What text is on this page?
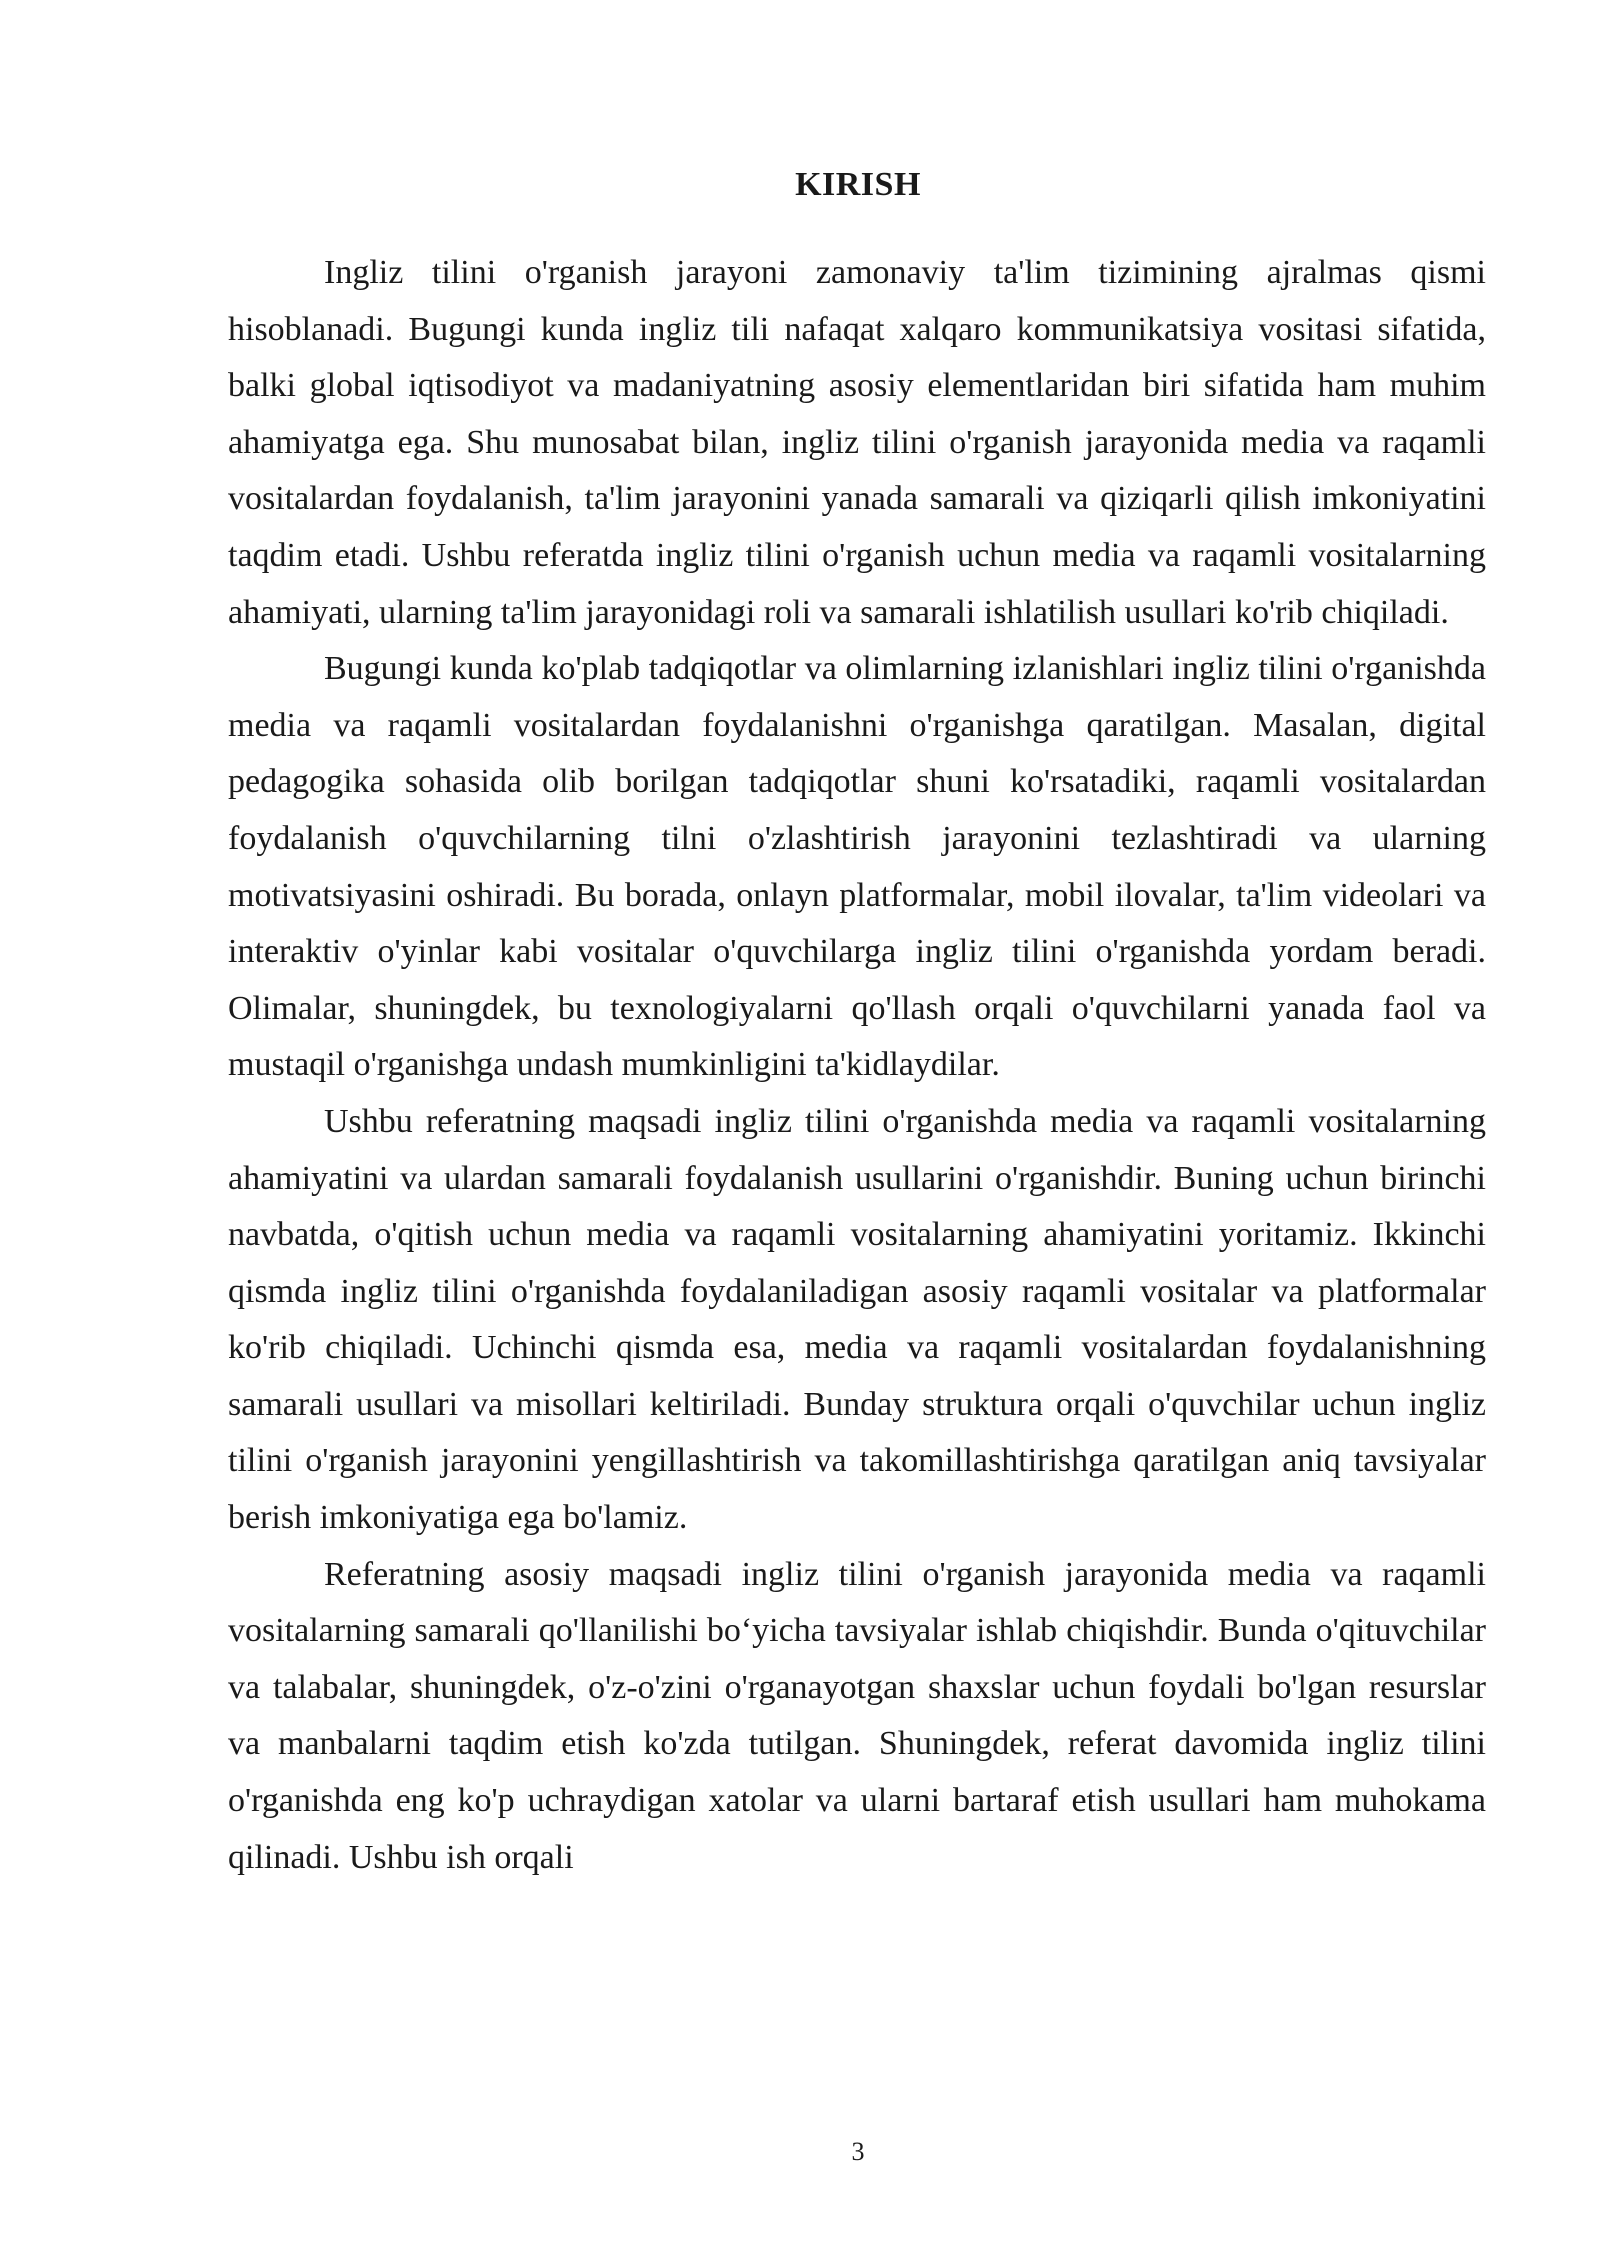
KIRISH

Ingliz tilini o'rganish jarayoni zamonaviy ta'lim tizimining ajralmas qismi hisoblanadi. Bugungi kunda ingliz tili nafaqat xalqaro kommunikatsiya vositasi sifatida, balki global iqtisodiyot va madaniyatning asosiy elementlaridan biri sifatida ham muhim ahamiyatga ega. Shu munosabat bilan, ingliz tilini o'rganish jarayonida media va raqamli vositalardan foydalanish, ta'lim jarayonini yanada samarali va qiziqarli qilish imkoniyatini taqdim etadi. Ushbu referatda ingliz tilini o'rganish uchun media va raqamli vositalarning ahamiyati, ularning ta'lim jarayonidagi roli va samarali ishlatilish usullari ko'rib chiqiladi.

Bugungi kunda ko'plab tadqiqotlar va olimlarning izlanishlari ingliz tilini o'rganishda media va raqamli vositalardan foydalanishni o'rganishga qaratilgan. Masalan, digital pedagogika sohasida olib borilgan tadqiqotlar shuni ko'rsatadiki, raqamli vositalardan foydalanish o'quvchilarning tilni o'zlashtirish jarayonini tezlashtiradi va ularning motivatsiyasini oshiradi. Bu borada, onlayn platformalar, mobil ilovalar, ta'lim videolari va interaktiv o'yinlar kabi vositalar o'quvchilarga ingliz tilini o'rganishda yordam beradi. Olimalar, shuningdek, bu texnologiyalarni qo'llash orqali o'quvchilarni yanada faol va mustaqil o'rganishga undash mumkinligini ta'kidlaydilar.

Ushbu referatning maqsadi ingliz tilini o'rganishda media va raqamli vositalarning ahamiyatini va ulardan samarali foydalanish usullarini o'rganishdir. Buning uchun birinchi navbatda, o'qitish uchun media va raqamli vositalarning ahamiyatini yoritamiz. Ikkinchi qismda ingliz tilini o'rganishda foydalaniladigan asosiy raqamli vositalar va platformalar ko'rib chiqiladi. Uchinchi qismda esa, media va raqamli vositalardan foydalanishning samarali usullari va misollari keltiriladi. Bunday struktura orqali o'quvchilar uchun ingliz tilini o'rganish jarayonini yengillashtirish va takomillashtirishga qaratilgan aniq tavsiyalar berish imkoniyatiga ega bo'lamiz.

Referatning asosiy maqsadi ingliz tilini o'rganish jarayonida media va raqamli vositalarning samarali qo'llanilishi bo‘yicha tavsiyalar ishlab chiqishdir. Bunda o'qituvchilar va talabalar, shuningdek, o'z-o'zini o'rganayotgan shaxslar uchun foydali bo'lgan resurslar va manbalarni taqdim etish ko'zda tutilgan. Shuningdek, referat davomida ingliz tilini o'rganishda eng ko'p uchraydigan xatolar va ularni bartaraf etish usullari ham muhokama qilinadi. Ushbu ish orqali

3
